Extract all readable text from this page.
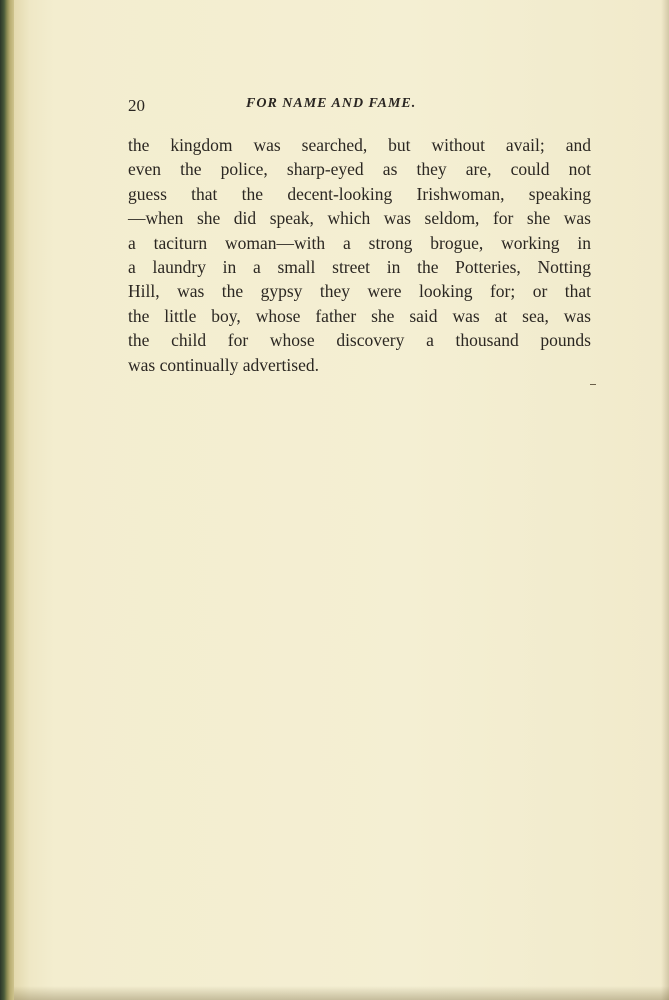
20	FOR NAME AND FAME.
the kingdom was searched, but without avail; and
even the police, sharp-eyed as they are, could not
guess that the decent-looking Irishwoman, speaking
—when she did speak, which was seldom, for she was
a taciturn woman—with a strong brogue, working in
a laundry in a small street in the Potteries, Notting
Hill, was the gypsy they were looking for; or that
the little boy, whose father she said was at sea, was
the child for whose discovery a thousand pounds
was continually advertised.
